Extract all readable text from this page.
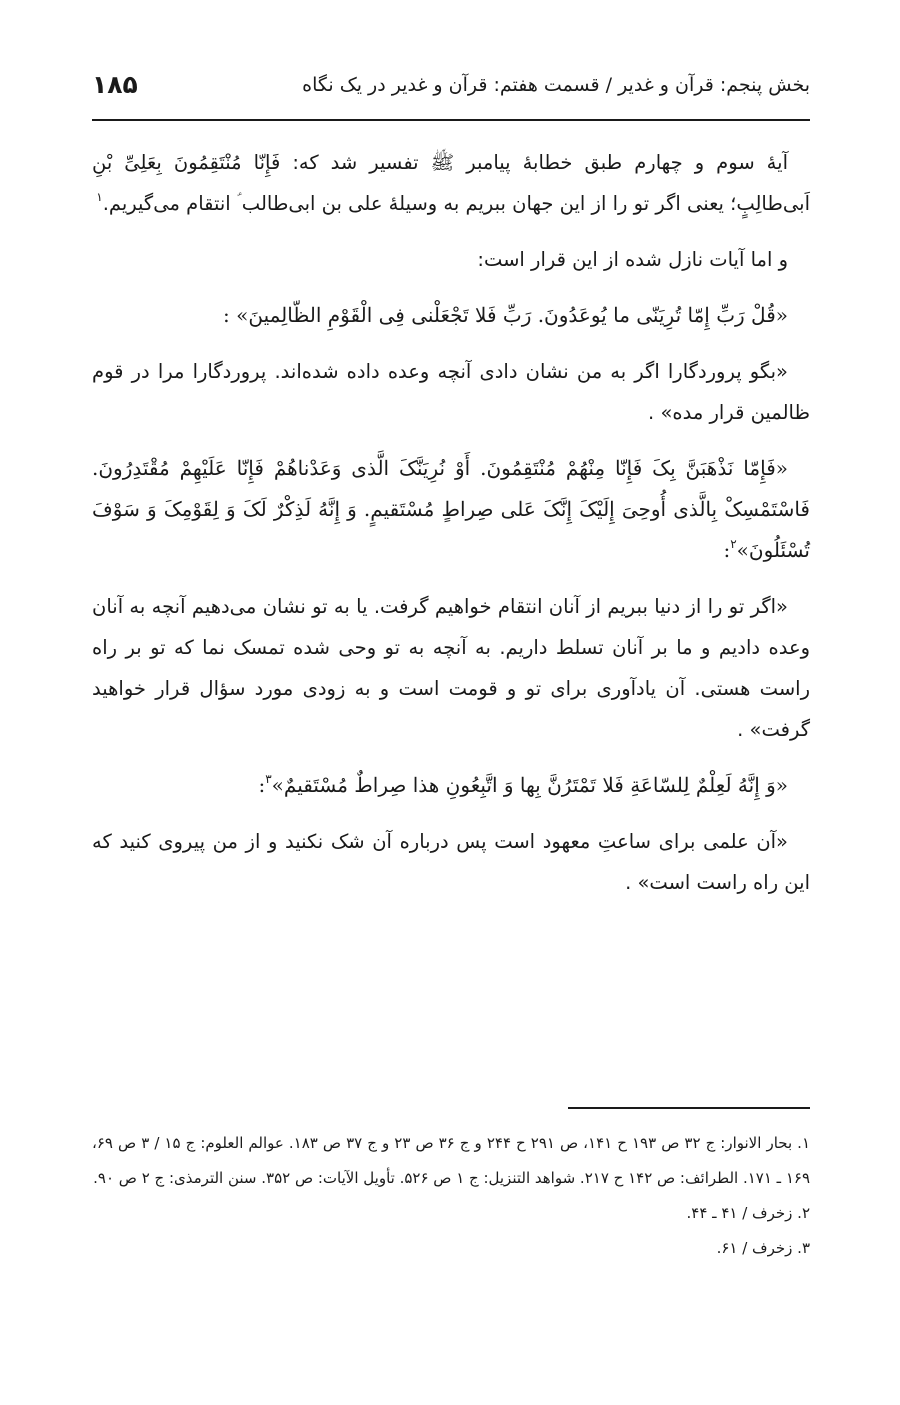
بخش پنجم: قرآن و غدیر / قسمت هفتم: قرآن و غدیر در یک نگاه
۱۸۵

آیهٔ سوم و چهارم طبق خطابهٔ پیامبر ﷺ تفسیر شد که: فَإِنّا مُنْتَقِمُونَ بِعَلِیِّ بْنِ اَبی‌طالِبٍ؛ یعنی اگر تو را از این جهان ببریم به وسیلهٔ علی بن ابی‌طالب ؑ انتقام می‌گیریم.$^۱$

و اما آیات نازل شده از این قرار است:

«قُلْ رَبِّ إِمّا تُرِیَنّی ما یُوعَدُونَ. رَبِّ فَلا تَجْعَلْنی فِی الْقَوْمِ الظّالِمینَ» :

«بگو پروردگارا اگر به من نشان دادی آنچه وعده داده شده‌اند. پروردگارا مرا در قوم ظالمین قرار مده» .

«فَإِمّا نَذْهَبَنَّ بِکَ فَإِنّا مِنْهُمْ مُنْتَقِمُونَ. أَوْ نُرِیَنَّکَ الَّذی وَعَدْناهُمْ فَإِنّا عَلَیْهِمْ مُقْتَدِرُونَ. فَاسْتَمْسِکْ بِالَّذی أُوحِیَ إِلَیْکَ إِنَّکَ عَلی صِراطٍ مُسْتَقیمٍ. وَ إِنَّهُ لَذِکْرٌ لَکَ وَ لِقَوْمِکَ وَ سَوْفَ تُسْئَلُونَ»$^۲$:

«اگر تو را از دنیا ببریم از آنان انتقام خواهیم گرفت. یا به تو نشان می‌دهیم آنچه به آنان وعده دادیم و ما بر آنان تسلط داریم. به آنچه به تو وحی شده تمسک نما که تو بر راه راست هستی. آن یادآوری برای تو و قومت است و به زودی مورد سؤال قرار خواهید گرفت» .

«وَ إِنَّهُ لَعِلْمٌ لِلسّاعَةِ فَلا تَمْتَرُنَّ بِها وَ اتَّبِعُونِ هذا صِراطٌ مُسْتَقیمٌ»$^۳$:

«آن علمی برای ساعتِ معهود است پس درباره آن شک نکنید و از من پیروی کنید که این راه راست است» .

۱. بحار الانوار: ج ۳۲ ص ۱۹۳ ح ۱۴۱، ص ۲۹۱ ح ۲۴۴ و ج ۳۶ ص ۲۳ و ج ۳۷ ص ۱۸۳. عوالم العلوم: ج ۱۵ / ۳ ص ۶۹، ۱۶۹ ـ ۱۷۱. الطرائف: ص ۱۴۲ ح ۲۱۷. شواهد التنزیل: ج ۱ ص ۵۲۶. تأویل الآیات: ص ۳۵۲. سنن الترمذی: ج ۲ ص ۹۰.

۲. زخرف / ۴۱ ـ ۴۴.

۳. زخرف / ۶۱.
